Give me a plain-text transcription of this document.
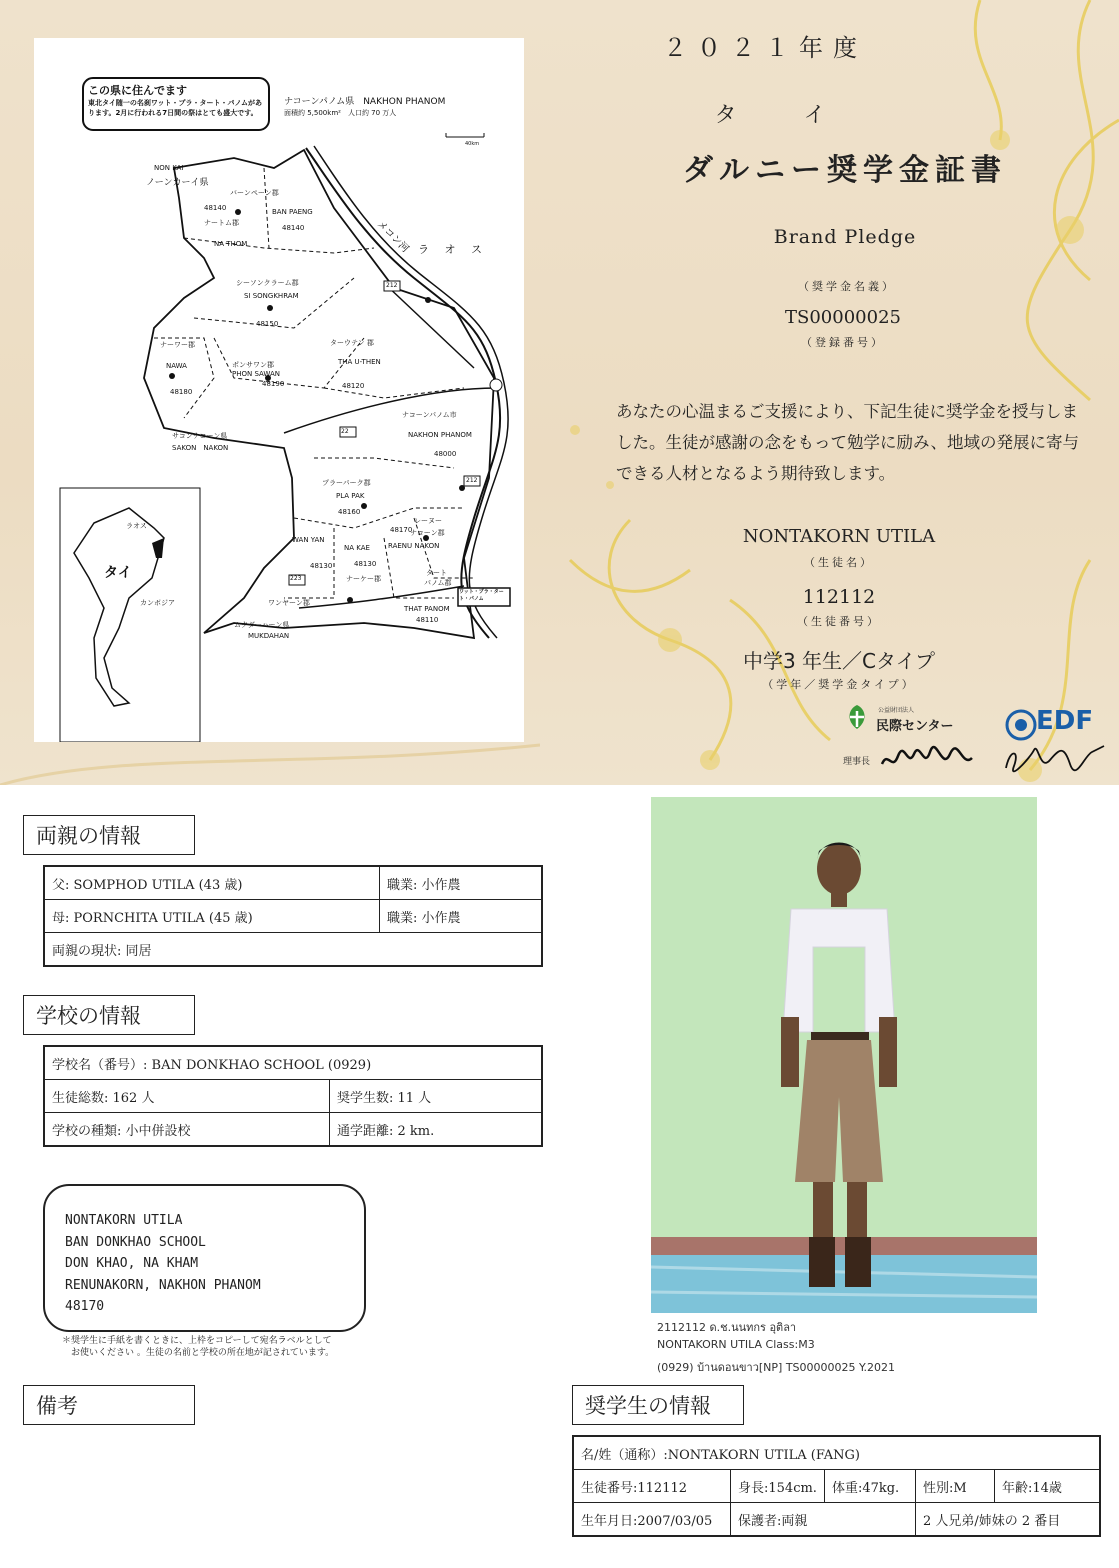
この県に住んでます
東北タイ随一の名刹ワット・プラ・タート・パノムがあります。2月に行われる7日間の祭はとても盛大です。
ナコーンパノム県　NAKHON PHANOM
面積約 5,500km²　人口約 70 万人
40km
NON KAI
ノーンカーイ県
バーンペーン郡
BAN PAENG
48140
48140
ナートム郡
NA THOM	メコン河 ラ オ ス
212
シーソンクラーム郡
SI SONGKHRAM
48150
ナーワー郡
NAWA
48180
ポンサワン郡
PHON SAWAN
48190
ターウテン 郡
THA U-THEN
48120
ナコーンパノム市
NAKHON PHANOM
48000
サコンナコーン県
SAKON　NAKON
22
212
プラーパーク郡
PLA PAK
48160
レーヌー
ナコーン郡
48170
RAENU NAKON
WAN YAN
NA KAE
48130	48130
ナーケー郡
タート
パノム郡
THAT PANOM
48110
223
ワンヤーン郡
ムクダーハーン県
MUKDAHAN
ワット・プラ・タート・パノム
ラオス
タイ
カンボジア
２０２１年度
タ イ
ダルニー奨学金証書
Brand Pledge
（奨学金名義）
TS00000025
（登録番号）
あなたの心温まるご支援により、下記生徒に奨学金を授与しました。生徒が感謝の念をもって勉学に励み、地域の発展に寄与できる人材となるよう期待致します。
NONTAKORN UTILA
（生徒名）
112112
（生徒番号）
中学3 年生／Cタイプ
（学年／奨学金タイプ）
公益財団法人
民際センター
理事長
EDF
両親の情報
父: SOMPHOD UTILA (43 歳)	職業: 小作農
母: PORNCHITA UTILA (45 歳)	職業: 小作農
両親の現状: 同居	
学校の情報
学校名（番号）: BAN DONKHAO SCHOOL (0929)	
生徒総数: 162 人	奨学生数: 11 人
学校の種類: 小中併設校	通学距離: 2 km.
NONTAKORN UTILA
BAN DONKHAO SCHOOL
DON KHAO, NA KHAM
RENUNAKORN, NAKHON PHANOM
48170
＊奨学生に手紙を書くときに、上枠をコピーして宛名ラベルとして
お使いください 。生徒の名前と学校の所在地が記されています。
2112112 ด.ช.นนทกร อุติลา
NONTAKORN UTILA Class:M3
(0929) บ้านดอนขาว[NP] TS00000025 Y.2021
備考	奨学生の情報
名/姓（通称）:NONTAKORN UTILA (FANG)				
生徒番号:112112	身長:154cm.	体重:47kg.	性別:M	年齢:14歳
生年月日:2007/03/05	保護者:両親		2 人兄弟/姉妹の 2 番目	
